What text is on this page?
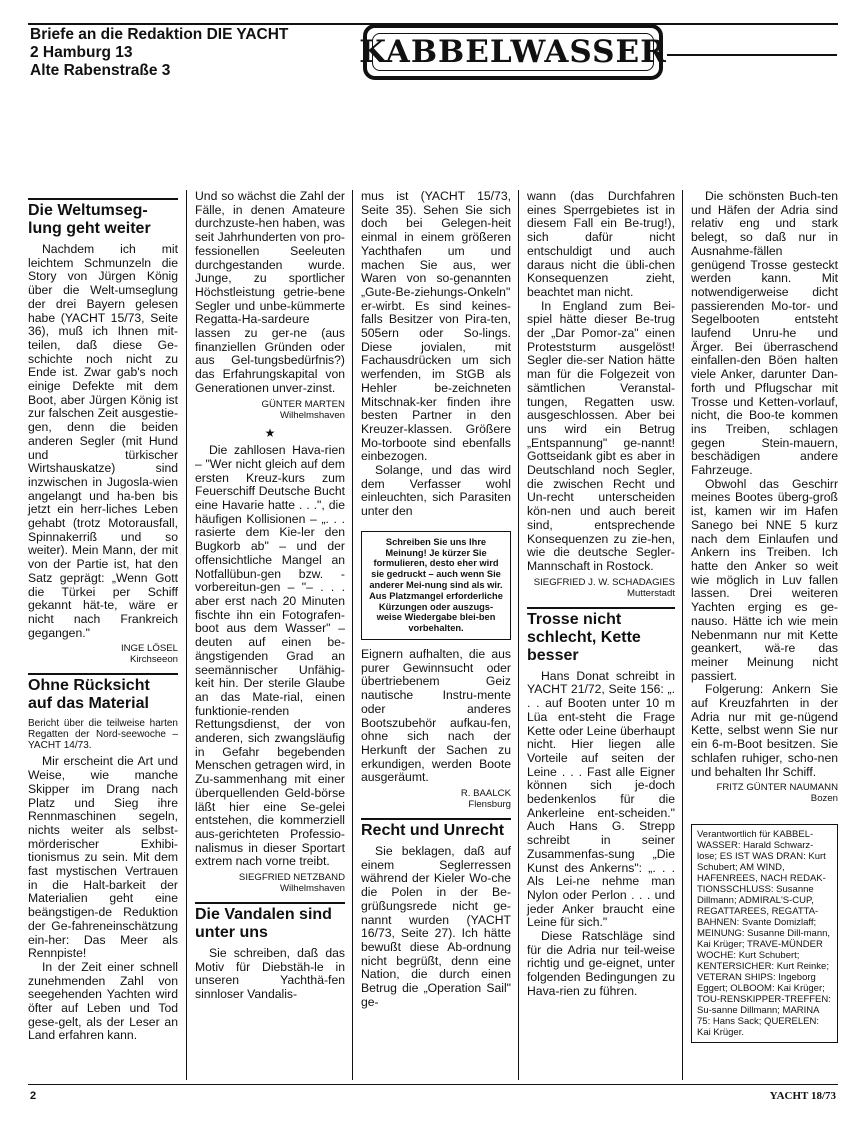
Briefe an die Redaktion DIE YACHT
2 Hamburg 13
Alte Rabenstraße 3
KABBELWASSER
Die Weltumseg-lung geht weiter

Nachdem ich mit leichtem Schmunzeln die Story von Jürgen König über die Welt-umseglung der drei Bayern gelesen habe (YACHT 15/73, Seite 36), muß ich Ihnen mit-teilen, daß diese Ge-schichte noch nicht zu Ende ist. Zwar gab's noch einige Defekte mit dem Boot, aber Jürgen König ist zur falschen Zeit ausgestie-gen, denn die beiden anderen Segler (mit Hund und türkischer Wirtshauskatze) sind inzwischen in Jugosla-wien angelangt und ha-ben bis jetzt ein herr-liches Leben gehabt (trotz Motorausfall, Spinnakerriß und so weiter). Mein Mann, der mit von der Partie ist, hat den Satz geprägt: „Wenn Gott die Türkei per Schiff gekannt hät-te, wäre er nicht nach Frankreich gegangen."

INGE LÖSEL
Kirchseeon
Ohne Rücksicht auf das Material
Bericht über die teilweise harten Regatten der Nord-seewoche – YACHT 14/73.

Mir erscheint die Art und Weise, wie manche Skipper im Drang nach Platz und Sieg ihre Rennmaschinen segeln, nichts weiter als selbst-mörderischer Exhibi-tionismus zu sein. Mit dem fast mystischen Vertrauen in die Halt-barkeit der Materialien geht eine beängstigen-de Reduktion der Ge-fahreneinschätzung ein-her: Das Meer als Rennpiste!

In der Zeit einer schnell zunehmenden Zahl von seegehenden Yachten wird öfter auf Leben und Tod gese-gelt, als der Leser an Land erfahren kann.

Und so wächst die Zahl der Fälle, in denen Amateure durchzuste-hen haben, was seit Jahrhunderten von pro-fessionellen Seeleuten durchgestanden wurde. Junge, zu sportlicher Höchstleistung getrie-bene Segler und unbe-kümmerte Regatta-Ha-sardeure lassen zu ger-ne (aus finanziellen Gründen oder aus Gel-tungsbedürfnis?) das Erfahrungskapital von Generationen unver-zinst.

GÜNTER MARTEN
Wilhelmshaven
★

Die zahllosen Hava-rien – "Wer nicht gleich auf dem ersten Kreuz-kurs zum Feuerschiff Deutsche Bucht eine Havarie hatte . . .", die häufigen Kollisionen – „. . . rasierte dem Kie-ler den Bugkorb ab" – und der offensichtliche Mangel an Notfallübun-gen bzw. -vorbereitun-gen – "– . . . aber erst nach 20 Minuten fischte ihn ein Fotografen-boot aus dem Wasser" – deuten auf einen be-ängstigenden Grad an seemännischer Unfähig-keit hin. Der sterile Glaube an das Mate-rial, einen funktionie-renden Rettungsdienst, der von anderen, sich zwangsläufig in Gefahr begebenden Menschen getragen wird, in Zu-sammenhang mit einer überquellenden Geld-börse läßt hier eine Se-gelei entstehen, die kommerziell aus-gerichteten Professio-nalismus in dieser Sportart extrem nach vorne treibt.

SIEGFRIED NETZBAND
Wilhelmshaven
Die Vandalen sind unter uns

Sie schreiben, daß das Motiv für Diebstäh-le in unseren Yachthä-fen sinnloser Vandalis-

mus ist (YACHT 15/73, Seite 35). Sehen Sie sich doch bei Gelegen-heit einmal in einem größeren Yachthafen um und machen Sie aus, wer Waren von so-genannten „Gute-Be-ziehungs-Onkeln" er-wirbt. Es sind keines-falls Besitzer von Pira-ten, 505ern oder So-lings. Diese jovialen, mit Fachausdrücken um sich werfenden, im StGB als Hehler be-zeichneten Mitschnak-ker finden ihre besten Partner in den Kreuzer-klassen. Größere Mo-torboote sind ebenfalls einbezogen.

Solange, und das wird dem Verfasser wohl einleuchten, sich Parasiten unter den

Schreiben Sie uns Ihre Meinung! Je kürzer Sie formulieren, desto eher wird sie gedruckt – auch wenn Sie anderer Mei-nung sind als wir. Aus Platzmangel erforderliche Kürzungen oder auszugs-weise Wiedergabe blei-ben vorbehalten.

Eignern aufhalten, die aus purer Gewinnsucht oder übertriebenem Geiz nautische Instru-mente oder anderes Bootszubehör aufkau-fen, ohne sich nach der Herkunft der Sachen zu erkundigen, werden Boote ausgeräumt.

R. BAALCK
Flensburg
Recht und Unrecht

Sie beklagen, daß auf einem Seglerressen während der Kieler Wo-che die Polen in der Be-grüßungsrede nicht ge-nannt wurden (YACHT 16/73, Seite 27). Ich hätte bewußt diese Ab-ordnung nicht begrüßt, denn eine Nation, die durch einen Betrug die „Operation Sail" ge-

wann (das Durchfahren eines Sperrgebietes ist in diesem Fall ein Be-trug!), sich dafür nicht entschuldigt und auch daraus nicht die übli-chen Konsequenzen zieht, beachtet man nicht.

In England zum Bei-spiel hätte dieser Be-trug der „Dar Pomor-za" einen Proteststurm ausgelöst! Segler die-ser Nation hätte man für die Folgezeit von sämtlichen Veranstal-tungen, Regatten usw. ausgeschlossen. Aber bei uns wird ein Betrug „Entspannung" ge-nannt! Gottseidank gibt es aber in Deutschland noch Segler, die zwischen Recht und Un-recht unterscheiden kön-nen und auch bereit sind, entsprechende Konsequenzen zu zie-hen, wie die deutsche Segler-Mannschaft in Rostock.

SIEGFRIED J. W. SCHADAGIES
Mutterstadt
Trosse nicht schlecht, Kette besser

Hans Donat schreibt in YACHT 21/72, Seite 156: „. . . auf Booten unter 10 m Lüa ent-steht die Frage Kette oder Leine überhaupt nicht. Hier liegen alle Vorteile auf seiten der Leine . . . Fast alle Eigner können sich je-doch bedenkenlos für die Ankerleine ent-scheiden." Auch Hans G. Strepp schreibt in seiner Zusammenfas-sung „Die Kunst des Ankerns": „. . . Als Lei-ne nehme man Nylon oder Perlon . . . und jeder Anker braucht eine Leine für sich."

Diese Ratschläge sind für die Adria nur teil-weise richtig und ge-eignet, unter folgenden Bedingungen zu Hava-rien zu führen.

Die schönsten Buch-ten und Häfen der Adria sind relativ eng und stark belegt, so daß nur in Ausnahme-fällen genügend Trosse gesteckt werden kann. Mit notwendigerweise dicht passierenden Mo-tor- und Segelbooten entsteht laufend Unru-he und Ärger. Bei überraschend einfallen-den Böen halten viele Anker, darunter Dan-forth und Pflugschar mit Trosse und Ketten-vorlauf, nicht, die Boo-te kommen ins Treiben, schlagen gegen Stein-mauern, beschädigen andere Fahrzeuge.

Obwohl das Geschirr meines Bootes überg-groß ist, kamen wir im Hafen Sanego bei NNE 5 kurz nach dem Einlaufen und Ankern ins Treiben. Ich hatte den Anker so weit wie möglich in Luv fallen lassen. Drei weiteren Yachten erging es ge-nauso. Hätte ich wie mein Nebenmann nur mit Kette geankert, wä-re das meiner Meinung nicht passiert.

Folgerung: Ankern Sie auf Kreuzfahrten in der Adria nur mit ge-nügend Kette, selbst wenn Sie nur ein 6-m-Boot besitzen. Sie schlafen ruhiger, scho-nen und behalten Ihr Schiff.

FRITZ GÜNTER NAUMANN Bozen
Verantwortlich für KABBEL-WASSER: Harald Schwarz-lose; ES IST WAS DRAN: Kurt Schubert; AM WIND, HAFENREES, NACH REDAK-TIONSSCHLUSS: Susanne Dillmann; ADMIRAL'S-CUP, REGATTAREES, REGATTA-BAHNEN: Svante Domizlaff; MEINUNG: Susanne Dill-mann, Kai Krüger; TRAVE-MÜNDER WOCHE: Kurt Schubert; KENTERSICHER: Kurt Reinke; VETERAN SHIPS: Ingeborg Eggert; OLBOOM: Kai Krüger; TOU-RENSKIPPER-TREFFEN: Su-sanne Dillmann; MARINA 75: Hans Sack; QUERELEN: Kai Krüger.
2	YACHT 18/73
